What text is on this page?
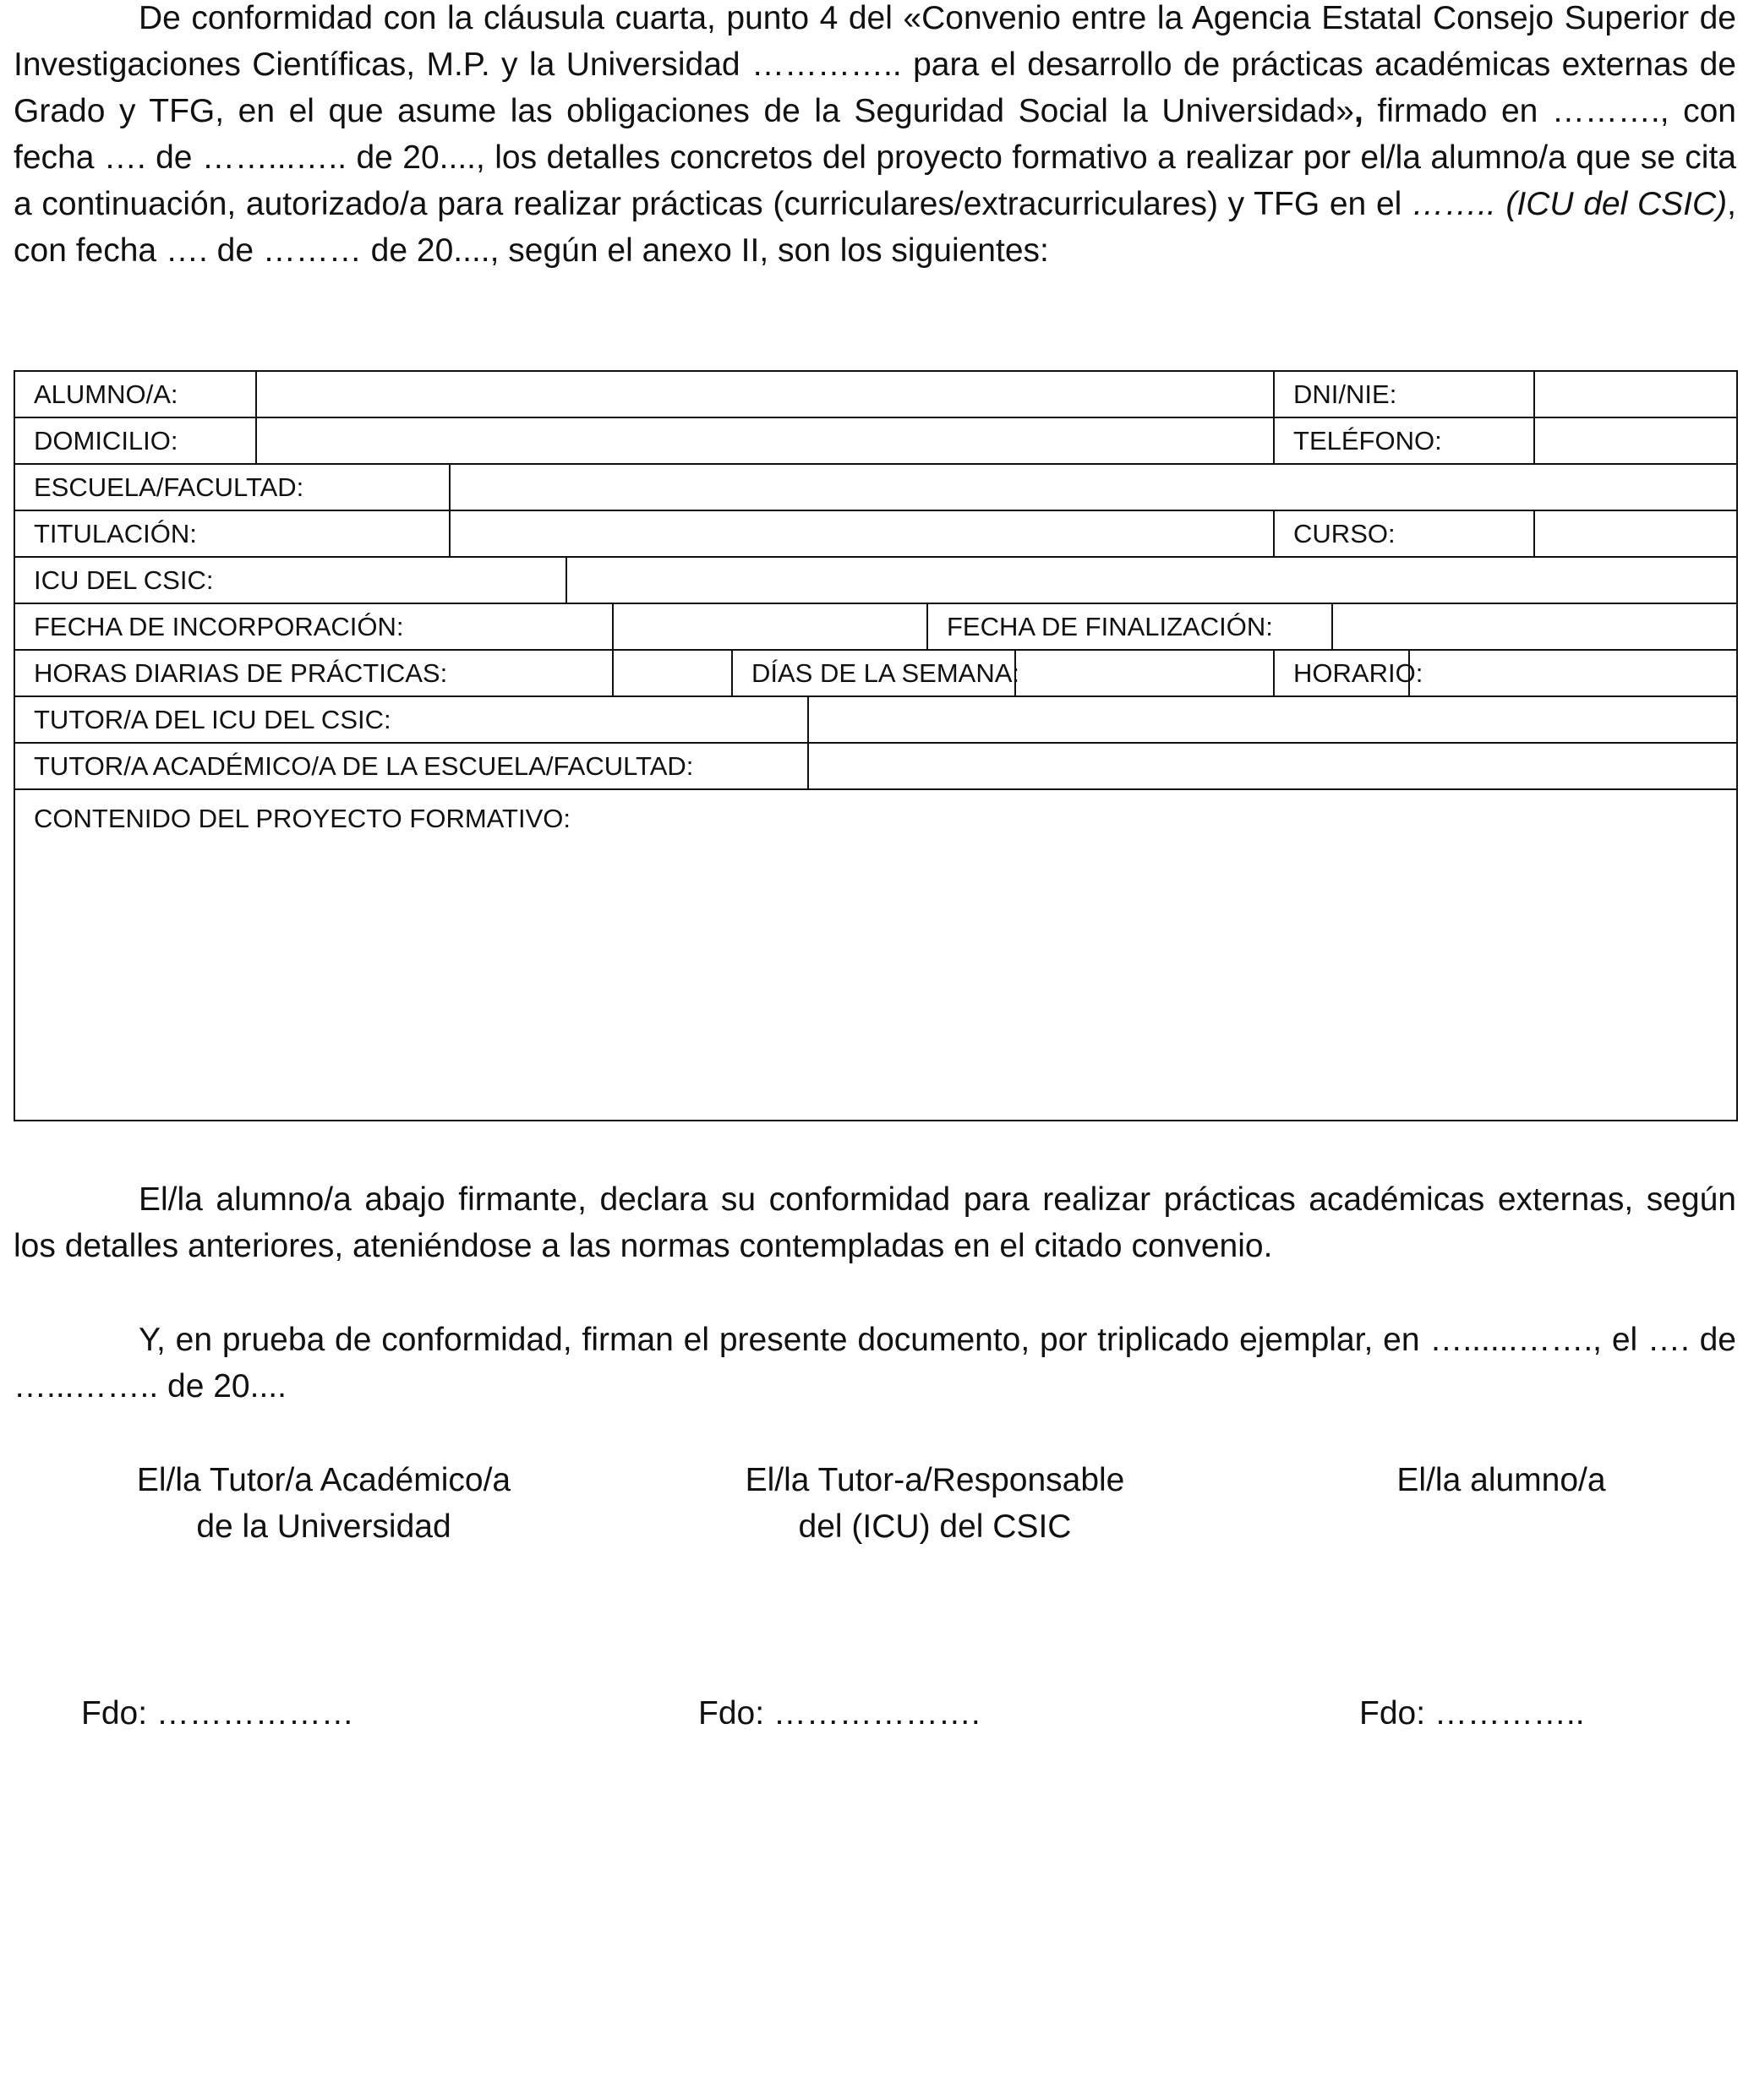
De conformidad con la cláusula cuarta, punto 4 del «Convenio entre la Agencia Estatal Consejo Superior de Investigaciones Científicas, M.P. y la Universidad ………….. para el desarrollo de prácticas académicas externas de Grado y TFG, en el que asume las obligaciones de la Seguridad Social la Universidad», firmado en ………., con fecha …. de ……...….. de 20...., los detalles concretos del proyecto formativo a realizar por el/la alumno/a que se cita a continuación, autorizado/a para realizar prácticas (curriculares/extracurriculares) y TFG en el …….. (ICU del CSIC), con fecha …. de ……… de 20...., según el anexo II, son los siguientes:

ALUMNO/A:									DNI/NIE:			
DOMICILIO:									TELÉFONO:			
ESCUELA/FACULTAD:												
TITULACIÓN:									CURSO:			
ICU DEL CSIC:												
FECHA DE INCORPORACIÓN:							FECHA DE FINALIZACIÓN:					
HORAS DIARIAS DE PRÁCTICAS:					DÍAS DE LA SEMANA:				HORARIO:			
TUTOR/A DEL ICU DEL CSIC:												
TUTOR/A ACADÉMICO/A DE LA ESCUELA/FACULTAD:												
CONTENIDO DEL PROYECTO FORMATIVO:												

El/la alumno/a abajo firmante, declara su conformidad para realizar prácticas académicas externas, según los detalles anteriores, ateniéndose a las normas contempladas en el citado convenio.

Y, en prueba de conformidad, firman el presente documento, por triplicado ejemplar, en …......……., el …. de …...…….. de 20....

El/la Tutor/a Académico/a
de la Universidad
El/la Tutor-a/Responsable
del (ICU) del CSIC
El/la alumno/a
Fdo: ………………	Fdo: ……………….	Fdo: …………..
